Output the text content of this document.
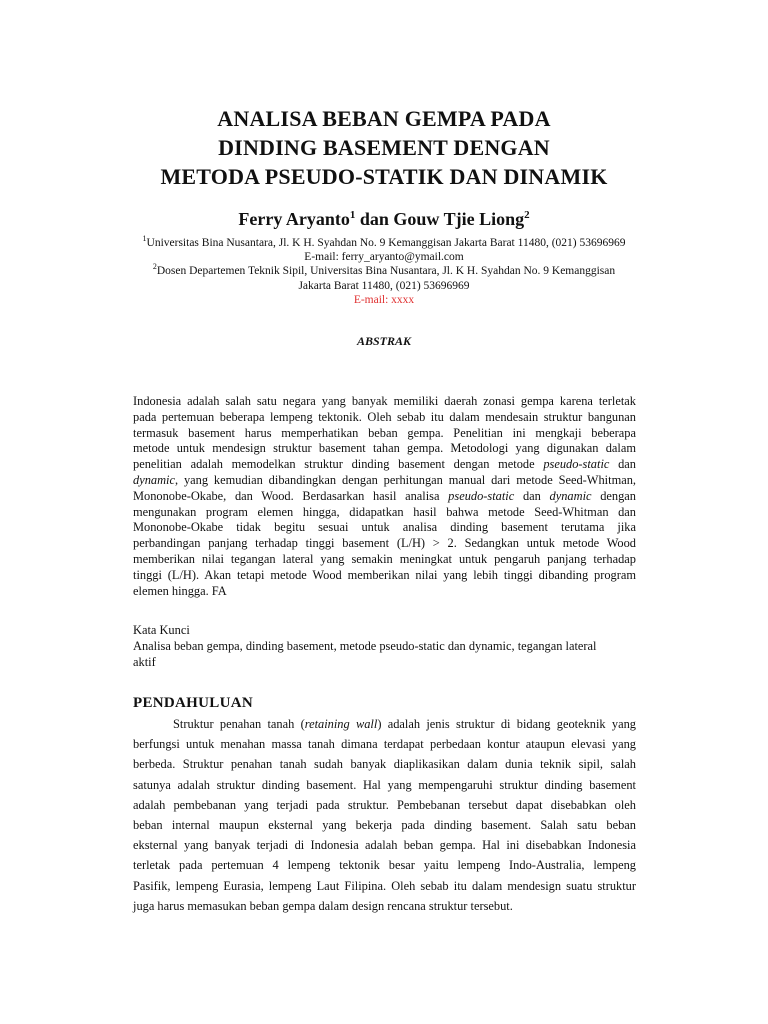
ANALISA BEBAN GEMPA PADA
DINDING BASEMENT DENGAN
METODA PSEUDO-STATIK DAN DINAMIK
Ferry Aryanto$^1$ dan Gouw Tjie Liong$^2$
$^1$Universitas Bina Nusantara, Jl. K H. Syahdan No. 9 Kemanggisan Jakarta Barat 11480, (021) 53696969
E-mail: ferry_aryanto@ymail.com
$^2$Dosen Departemen Teknik Sipil, Universitas Bina Nusantara, Jl. K H. Syahdan No. 9 Kemanggisan
Jakarta Barat 11480, (021) 53696969
E-mail: xxxx
ABSTRAK
Indonesia adalah salah satu negara yang banyak memiliki daerah zonasi gempa karena terletak
pada pertemuan beberapa lempeng tektonik. Oleh sebab itu dalam mendesain struktur bangunan
termasuk basement harus memperhatikan beban gempa. Penelitian ini mengkaji beberapa
metode untuk mendesign struktur basement tahan gempa. Metodologi yang digunakan dalam
penelitian adalah memodelkan struktur dinding basement dengan metode pseudo-static dan
dynamic, yang kemudian dibandingkan dengan perhitungan manual dari metode Seed-Whitman,
Mononobe-Okabe, dan Wood. Berdasarkan hasil analisa pseudo-static dan dynamic dengan
mengunakan program elemen hingga, didapatkan hasil bahwa metode Seed-Whitman dan
Mononobe-Okabe tidak begitu sesuai untuk analisa dinding basement terutama jika
perbandingan panjang terhadap tinggi basement (L/H) > 2. Sedangkan untuk metode Wood
memberikan nilai tegangan lateral yang semakin meningkat untuk pengaruh panjang terhadap
tinggi (L/H). Akan tetapi metode Wood memberikan nilai yang lebih tinggi dibanding program
elemen hingga. FA
Kata Kunci
Analisa beban gempa, dinding basement, metode pseudo-static dan dynamic, tegangan lateral
aktif
PENDAHULUAN
Struktur penahan tanah (retaining wall) adalah jenis struktur di bidang geoteknik yang
berfungsi untuk menahan massa tanah dimana terdapat perbedaan kontur ataupun elevasi yang
berbeda. Struktur penahan tanah sudah banyak diaplikasikan dalam dunia teknik sipil, salah
satunya adalah struktur dinding basement. Hal yang mempengaruhi struktur dinding basement
adalah pembebanan yang terjadi pada struktur. Pembebanan tersebut dapat disebabkan oleh
beban internal maupun eksternal yang bekerja pada dinding basement. Salah satu beban
eksternal yang banyak terjadi di Indonesia adalah beban gempa. Hal ini disebabkan Indonesia
terletak pada pertemuan 4 lempeng tektonik besar yaitu lempeng Indo-Australia, lempeng
Pasifik, lempeng Eurasia, lempeng Laut Filipina. Oleh sebab itu dalam mendesign suatu struktur
juga harus memasukan beban gempa dalam design rencana struktur tersebut.
